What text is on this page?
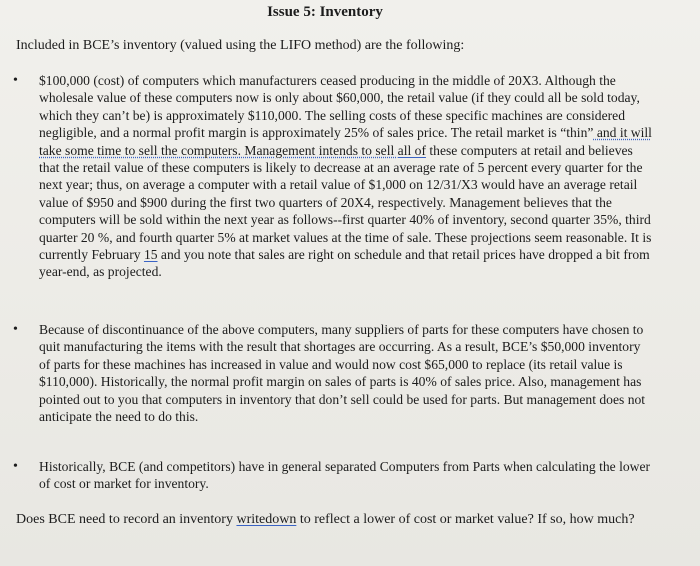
Issue 5: Inventory
Included in BCE’s inventory (valued using the LIFO method) are the following:
• $100,000 (cost) of computers which manufacturers ceased producing in the middle of 20X3. Although the wholesale value of these computers now is only about $60,000, the retail value (if they could all be sold today, which they can’t be) is approximately $110,000. The selling costs of these specific machines are considered negligible, and a normal profit margin is approximately 25% of sales price. The retail market is “thin” and it will take some time to sell the computers. Management intends to sell all of these computers at retail and believes that the retail value of these computers is likely to decrease at an average rate of 5 percent every quarter for the next year; thus, on average a computer with a retail value of $1,000 on 12/31/X3 would have an average retail value of $950 and $900 during the first two quarters of 20X4, respectively. Management believes that the computers will be sold within the next year as follows--first quarter 40% of inventory, second quarter 35%, third quarter 20 %, and fourth quarter 5% at market values at the time of sale. These projections seem reasonable. It is currently February 15 and you note that sales are right on schedule and that retail prices have dropped a bit from year-end, as projected.
• Because of discontinuance of the above computers, many suppliers of parts for these computers have chosen to quit manufacturing the items with the result that shortages are occurring. As a result, BCE’s $50,000 inventory of parts for these machines has increased in value and would now cost $65,000 to replace (its retail value is $110,000). Historically, the normal profit margin on sales of parts is 40% of sales price. Also, management has pointed out to you that computers in inventory that don’t sell could be used for parts. But management does not anticipate the need to do this.
• Historically, BCE (and competitors) have in general separated Computers from Parts when calculating the lower of cost or market for inventory.
Does BCE need to record an inventory writedown to reflect a lower of cost or market value? If so, how much?
